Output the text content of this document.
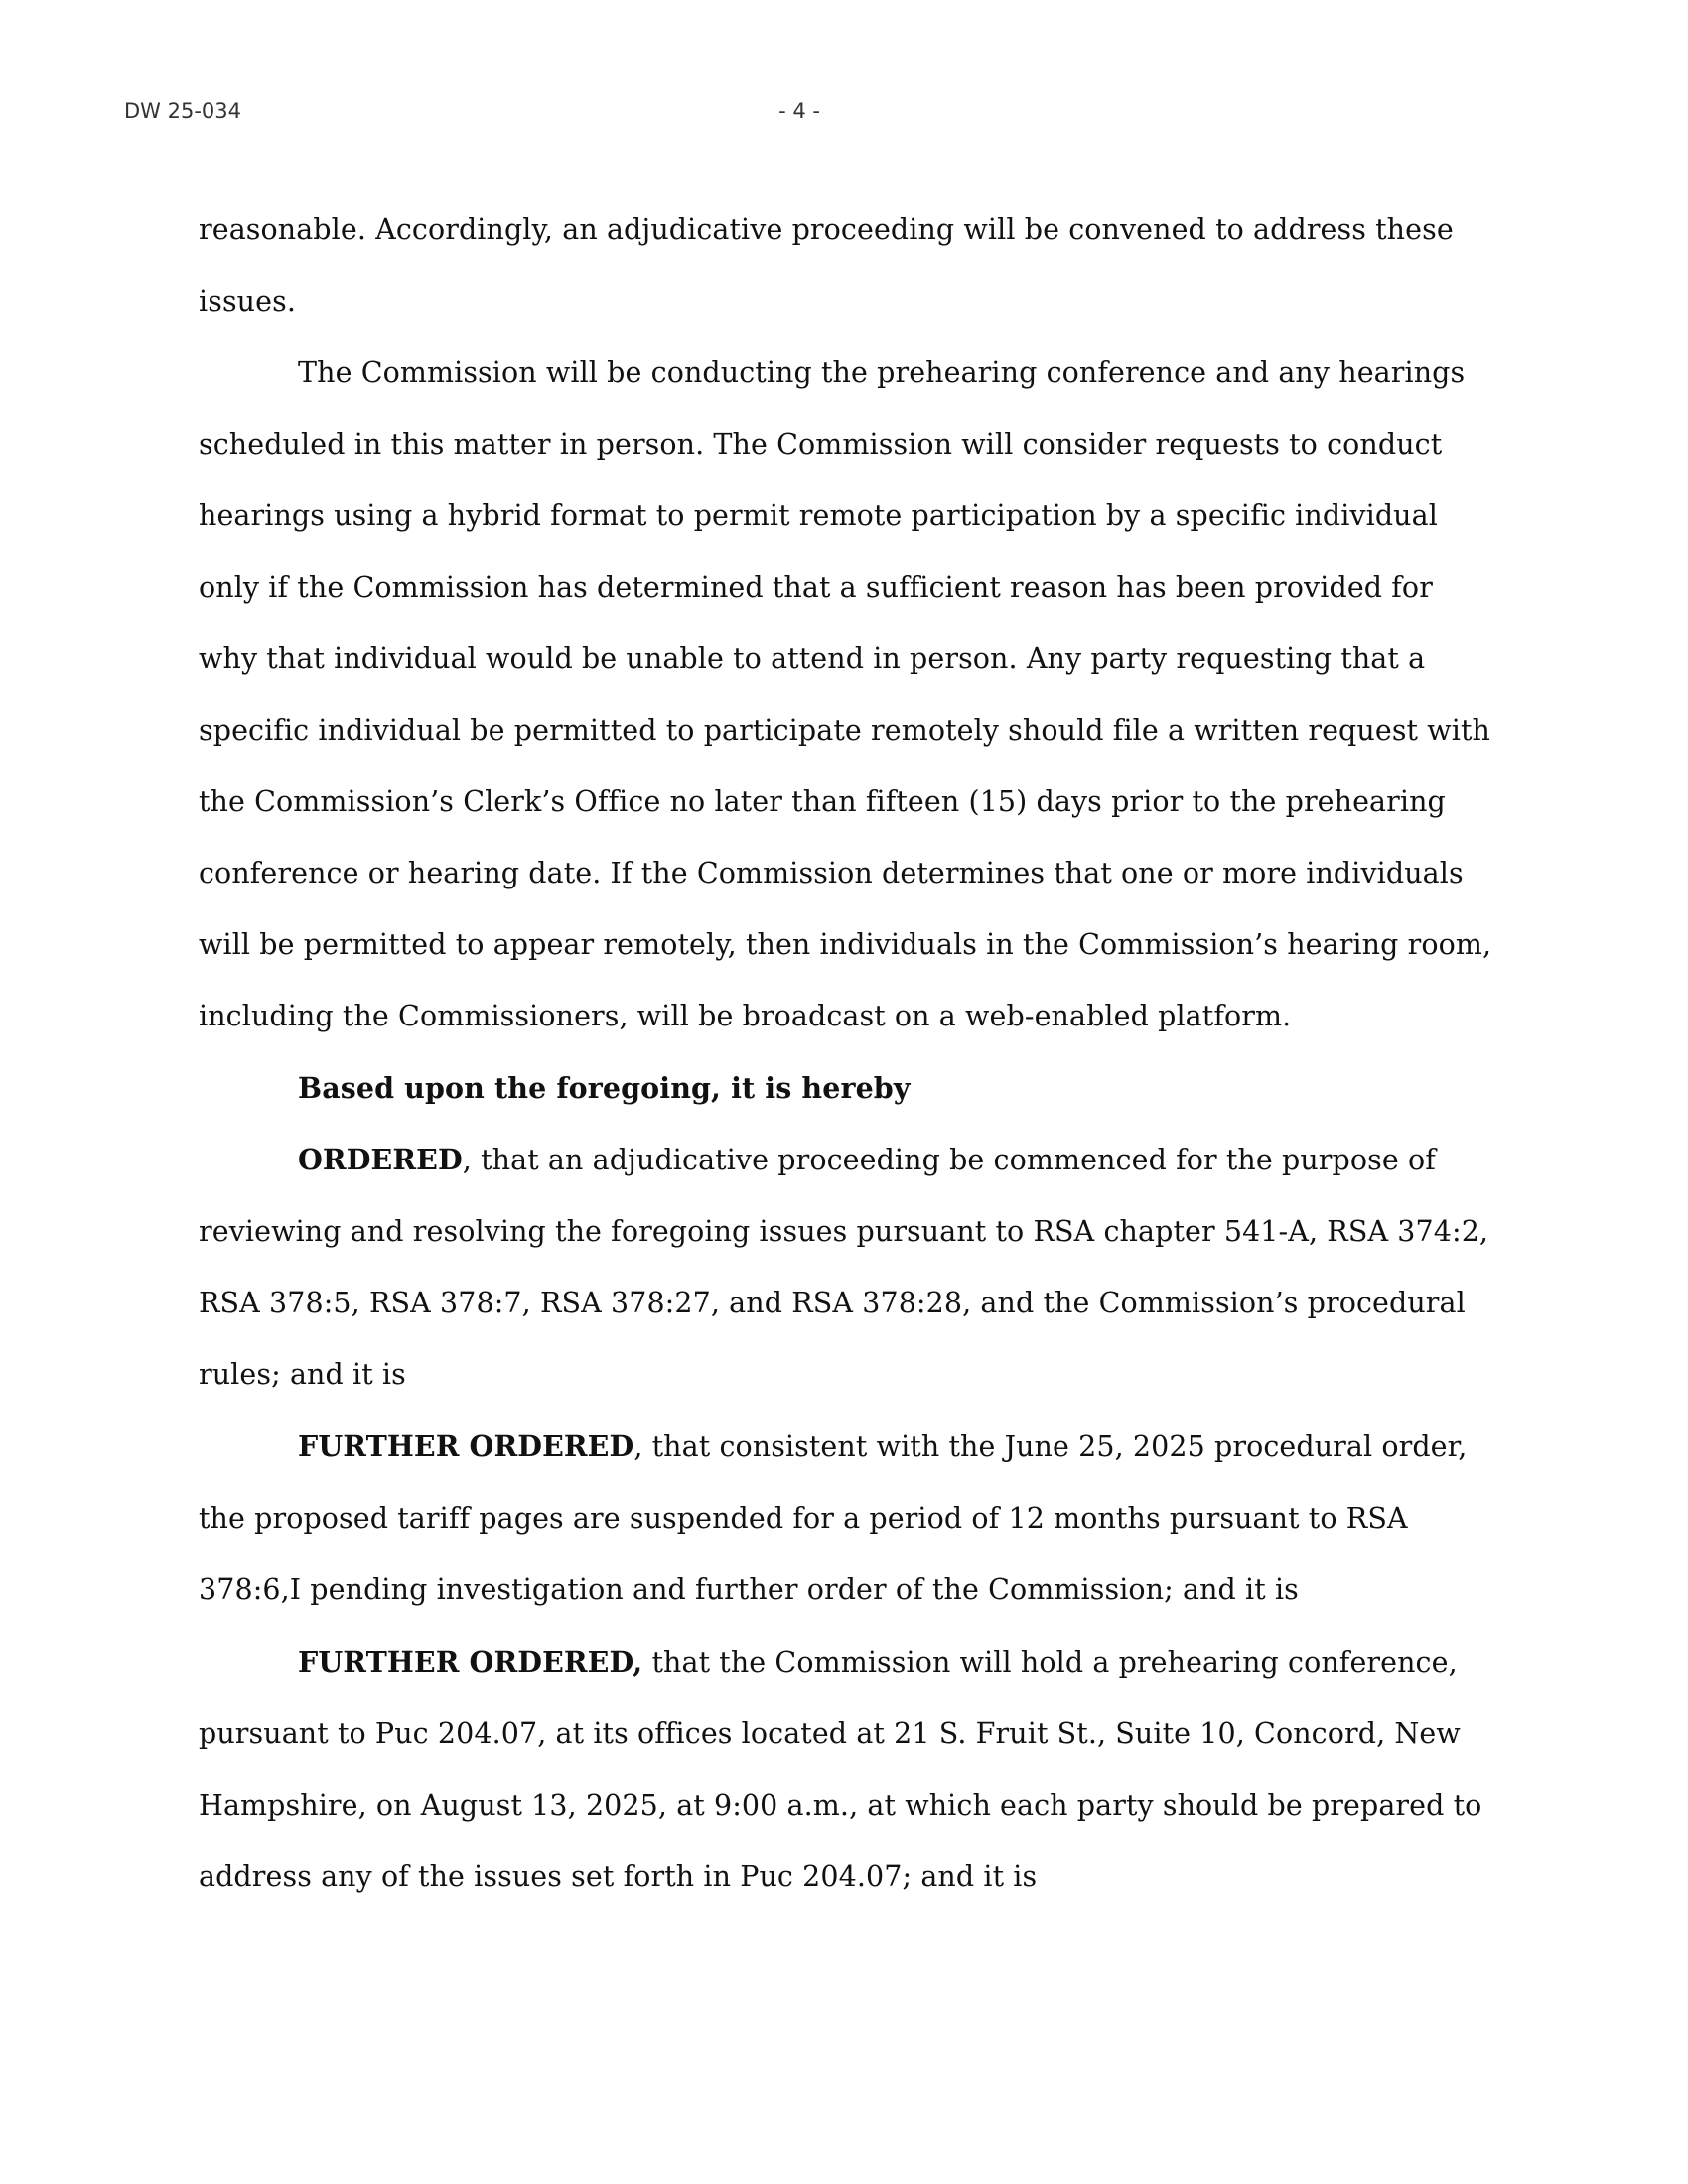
DW 25-034	- 4 -

reasonable. Accordingly, an adjudicative proceeding will be convened to address these issues.

The Commission will be conducting the prehearing conference and any hearings scheduled in this matter in person. The Commission will consider requests to conduct hearings using a hybrid format to permit remote participation by a specific individual only if the Commission has determined that a sufficient reason has been provided for why that individual would be unable to attend in person. Any party requesting that a specific individual be permitted to participate remotely should file a written request with the Commission’s Clerk’s Office no later than fifteen (15) days prior to the prehearing conference or hearing date. If the Commission determines that one or more individuals will be permitted to appear remotely, then individuals in the Commission’s hearing room, including the Commissioners, will be broadcast on a web-enabled platform.

Based upon the foregoing, it is hereby

ORDERED, that an adjudicative proceeding be commenced for the purpose of reviewing and resolving the foregoing issues pursuant to RSA chapter 541-A, RSA 374:2, RSA 378:5, RSA 378:7, RSA 378:27, and RSA 378:28, and the Commission’s procedural rules; and it is

FURTHER ORDERED, that consistent with the June 25, 2025 procedural order, the proposed tariff pages are suspended for a period of 12 months pursuant to RSA 378:6,I pending investigation and further order of the Commission; and it is

FURTHER ORDERED, that the Commission will hold a prehearing conference, pursuant to Puc 204.07, at its offices located at 21 S. Fruit St., Suite 10, Concord, New Hampshire, on August 13, 2025, at 9:00 a.m., at which each party should be prepared to address any of the issues set forth in Puc 204.07; and it is
